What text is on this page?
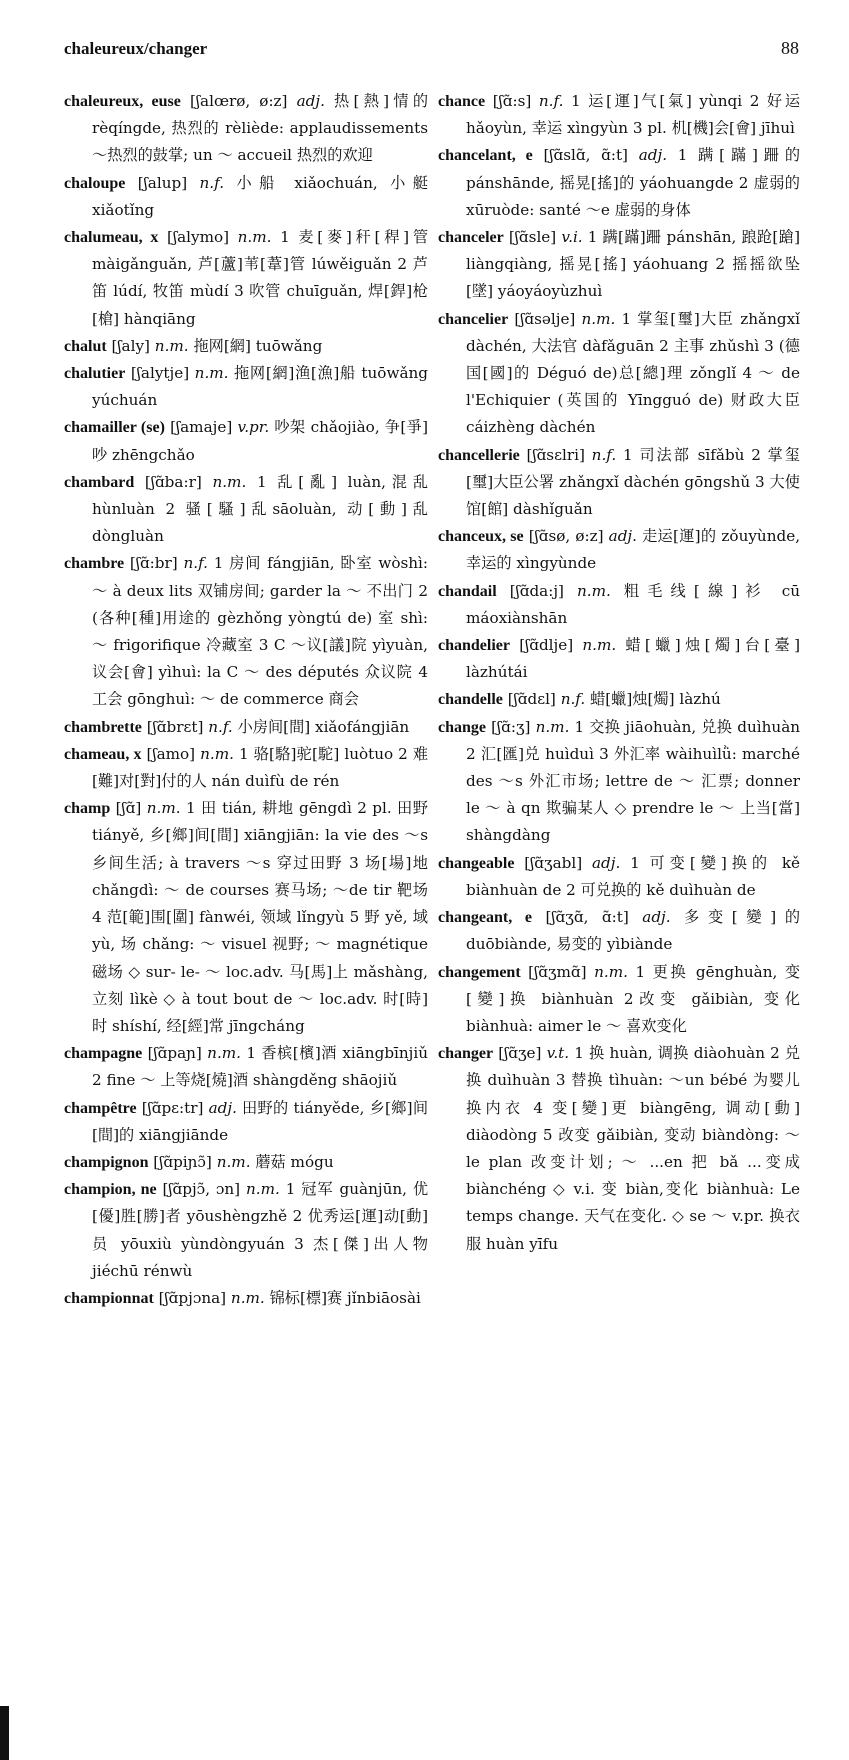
chaleureux/changer	88

chaleureux, euse [ʃalœrø, ø:z] adj. 热[熱]情的 rèqíngde, 热烈的 rèliède: applaudissements ～热烈的鼓掌; un ～ accueil 热烈的欢迎

chaloupe [ʃalup] n.f. 小船 xiǎochuán, 小艇 xiǎotǐng

chalumeau, x [ʃalymo] n.m. 1 麦[麥]秆[稈]管 màigǎnguǎn, 芦[蘆]苇[葦]管 lúwěiguǎn 2 芦笛 lúdí, 牧笛 mùdí 3 吹管 chuīguǎn, 焊[銲]枪[槍] hànqiāng

chalut [ʃaly] n.m. 拖网[網] tuōwǎng

chalutier [ʃalytje] n.m. 拖网[網]渔[漁]船 tuōwǎng yúchuán

chamailler (se) [ʃamaje] v.pr. 吵架 chǎojiào, 争[爭]吵 zhēngchǎo

chambard [ʃɑ̃ba:r] n.m. 1 乱[亂] luàn,混乱 hùnluàn 2 骚[騷]乱sāoluàn, 动[動]乱 dòngluàn

chambre [ʃɑ̃:br] n.f. 1 房间 fángjiān, 卧室 wòshì: ～ à deux lits 双铺房间; garder la ～ 不出门 2 (各种[種]用途的 gèzhǒng yòngtú de) 室 shì: ～ frigorifique 冷藏室 3 C ～议[議]院 yìyuàn, 议会[會] yìhuì: la C ～ des députés 众议院 4 工会 gōnghuì: ～ de commerce 商会

chambrette [ʃɑ̃brɛt] n.f. 小房间[間] xiǎofángjiān

chameau, x [ʃamo] n.m. 1 骆[駱]驼[駝] luòtuo 2 难[難]对[對]付的人 nán duìfù de rén

champ [ʃɑ̃] n.m. 1 田 tián, 耕地 gēngdì 2 pl. 田野 tiányě, 乡[鄉]间[間] xiāngjiān: la vie des ～s 乡间生活; à travers ～s 穿过田野 3 场[場]地 chǎngdì: ～ de courses 赛马场; ～de tir 靶场 4 范[範]围[圍] fànwéi, 领域 lǐngyù 5 野 yě, 域 yù, 场 chǎng: ～ visuel 视野; ～ magnétique 磁场 ◇ sur- le- ～ loc.adv. 马[馬]上 mǎshàng, 立刻 lìkè ◇ à tout bout de ～ loc.adv. 时[時]时 shíshí, 经[經]常 jīngcháng

champagne [ʃɑ̃paɲ] n.m. 1 香槟[檳]酒 xiāngbīnjiǔ 2 fine ～ 上等烧[燒]酒 shàngděng shāojiǔ

champêtre [ʃɑ̃pɛ:tr] adj. 田野的 tiányěde, 乡[鄉]间[間]的 xiāngjiānde

champignon [ʃɑ̃piɲɔ̃] n.m. 蘑菇 mógu

champion, ne [ʃɑ̃pjɔ̃, ɔn] n.m. 1 冠军 guànjūn, 优[優]胜[勝]者 yōushèngzhě 2 优秀运[運]动[動]员 yōuxiù yùndòngyuán 3 杰[傑]出人物 jiéchū rénwù

championnat [ʃɑ̃pjɔna] n.m. 锦标[標]赛 jǐnbiāosài

chance [ʃɑ̃:s] n.f. 1 运[運]气[氣] yùnqi 2 好运 hǎoyùn, 幸运 xìngyùn 3 pl. 机[機]会[會] jīhuì

chancelant, e [ʃɑ̃slɑ̃, ɑ̃:t] adj. 1 蹒[蹣]跚的 pánshānde, 摇晃[搖]的 yáohuangde 2 虚弱的 xūruòde: santé ～e 虚弱的身体

chanceler [ʃɑ̃sle] v.i. 1 蹒[蹣]跚 pánshān, 踉跄[蹌] liàngqiàng, 摇晃[搖] yáohuang 2 摇摇欲坠[墜] yáoyáoyùzhuì

chancelier [ʃɑ̃səlje] n.m. 1 掌玺[璽]大臣 zhǎngxǐ dàchén, 大法官 dàfǎguān 2 主事 zhǔshì 3 (德国[國]的 Déguó de)总[總]理 zǒnglǐ 4 ～ de l'Echiquier (英国的 Yīngguó de) 财政大臣 cáizhèng dàchén

chancellerie [ʃɑ̃sɛlri] n.f. 1 司法部 sīfǎbù 2 掌玺[璽]大臣公署 zhǎngxǐ dàchén gōngshǔ 3 大使馆[館] dàshǐguǎn

chanceux, se [ʃɑ̃sø, ø:z] adj. 走运[運]的 zǒuyùnde, 幸运的 xìngyùnde

chandail [ʃɑ̃da:j] n.m. 粗毛线[線]衫 cū máoxiànshān

chandelier [ʃɑ̃dlje] n.m. 蜡[蠟]烛[燭]台[臺] làzhútái

chandelle [ʃɑ̃dɛl] n.f. 蜡[蠟]烛[燭] làzhú

change [ʃɑ̃:ʒ] n.m. 1 交换 jiāohuàn, 兑换 duìhuàn 2 汇[匯]兑 huìduì 3 外汇率 wàihuìlǜ: marché des ～s 外汇市场; lettre de ～ 汇票; donner le ～ à qn 欺骗某人 ◇ prendre le ～ 上当[當] shàngdàng

changeable [ʃɑ̃ʒabl] adj. 1 可变[變]换的 kě biànhuàn de 2 可兑换的 kě duìhuàn de

changeant, e [ʃɑ̃ʒɑ̃, ɑ̃:t] adj. 多变[變]的 duōbiànde, 易变的 yìbiànde

changement [ʃɑ̃ʒmɑ̃] n.m. 1 更换 gēnghuàn, 变[變]换 biànhuàn 2改变 gǎibiàn, 变化 biànhuà: aimer le ～ 喜欢变化

changer [ʃɑ̃ʒe] v.t. 1 换 huàn, 调换 diàohuàn 2 兑换 duìhuàn 3 替换 tìhuàn: ～un bébé 为婴儿换内衣 4 变[變]更 biàngēng, 调动[動] diàodòng 5 改变 gǎibiàn, 变动 biàndòng: ～ le plan 改变计划; ～ ...en 把 bǎ ...变成 biànchéng ◇ v.i. 变 biàn,变化 biànhuà: Le temps change. 天气在变化. ◇ se ～ v.pr. 换衣服 huàn yīfu
